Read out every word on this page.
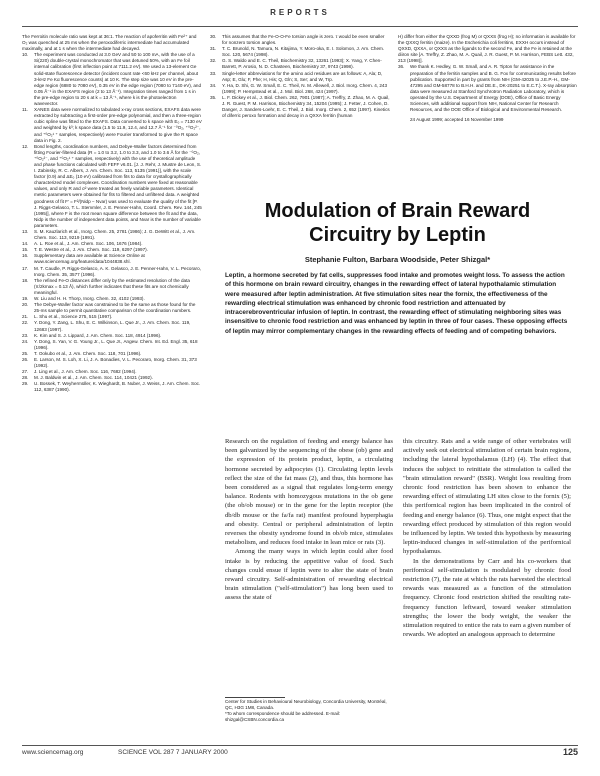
REPORTS

The Ferroitin molecule ratio was kept at 36:1. The reaction of apoferritin with Fe²⁺ and O₂ was quenched at 25 ms when the peroxodiferric intermediate had accumulated maximally, and at 1 s when the intermediate had decayed.

10.	The experiment was conducted at 3.0 GeV and 50 to 100 mA, with the use of a Si(220) double-crystal monochromator that was detuned 50%, with an Fe foil internal calibration (first inflection point at 7111.2 eV). We used a 13-element Ge solid-state fluorescence detector (incident count rate <60 kHz per channel, about 3-kHz Fe Kα fluorescence counts) at 10 K. The step size was 10 eV in the pre-edge region (6880 to 7080 eV), 0.35 eV in the edge region (7080 to 7140 eV), and 0.05 Å⁻¹ in the EXAFS region (2 to 13 Å⁻¹). Integration times ranged from 1 s in the pre-edge region to 20 s at k = 13 Å⁻¹, where k is the photoelectron wavevector.
11.	XANES data were normalized to tabulated x-ray cross sections, EXAFS data were extracted by subtracting a first-order pre-edge polynomial, and then a three-region cubic spline was fitted to the EXAFS. Data converted to k space with E₀ = 7130 eV and weighted by k³; k space data (1.5 to 11.9, 12.4, and 12.7 Å⁻¹ for ⁻⁰O₂, ⁺⁰O₂²⁻, and ⁺⁰O₂¹ ⁺ samples, respectively) were Fourier transformed to give the R space data in Fig. 2.
12.	Bond lengths, coordination numbers, and Debye-Waller factors determined from fitting Fourier-filtered data (R = 1.0 to 3.2, 1.0 to 3.3, and 1.0 to 3.6 Å for the ⁻⁰O₂, ⁺⁰O₂²⁻, and ⁺⁰O₂¹ ⁺ samples, respectively) with the use of theoretical amplitude and phase functions calculated with FEFF v6.01. [J. J. Rehr, J. Mustre de Leon, S. I. Zabinsky, R. C. Albers, J. Am. Chem. Soc. 113, 5135 (1991)], with the scale factor (0.9) and ΔE₀ (10 eV) calibrated from fits to data for crystallographically characterized model complexes. Coordination numbers were fixed at reasonable values, and only R and σ² were treated as freely variable parameters. Identical metric parameters were obtained for fits to filtered and unfiltered data. A weighted goodness of fit F′ = F²/(Nidp − Nvar) was used to evaluate the quality of the fit [P. J. Riggs-Gelasco, T. L. Stemmler, J. E. Penner-Hahn, Coord. Chem. Rev. 144, 245 (1995)], where F is the root mean square difference between the fit and the data, Nidp is the number of independent data points, and Nvar is the number of variable parameters.
13.	S. M. Kauzlarich et al., Inorg. Chem. 25, 2781 (1986); J. G. DeWitt et al., J. Am. Chem. Soc. 113, 9219 (1991).
14.	A. L. Roe et al., J. Am. Chem. Soc. 106, 1676 (1984).
15.	T. E. Westre et al., J. Am. Chem. Soc. 119, 6297 (1997).
16.	Supplementary data are available at Science Online at www.sciencemag.org/feature/data/1044838.shl.
17.	M. T. Caudle, P. Riggs-Gelasco, A. K. Gelasco, J. E. Penner-Hahn, V. L. Pecoraro, Inorg. Chem. 35, 3577 (1996).
18.	The refined Fe-O distances differ only by the estimated resolution of the data (π/2kmax = 0.13 Å), which further indicates that these fits are not chemically meaningful.
19.	W. Liu and H. H. Thorp, Inorg. Chem. 32, 4102 (1993).
20.	The Debye-Waller factor was constrained to be the same as those found for the 25-ms sample to permit quantitative comparison of the coordination numbers.
21.	L. Shu et al., Science 275, 515 (1997).
22.	Y. Dong, Y. Zang, L. Shu, E. C. Wilkinson, L. Que Jr., J. Am. Chem. Soc. 119, 12683 (1997).
23.	K. Kim and S. J. Lippard, J. Am. Chem. Soc. 118, 4914 (1996).
24.	Y. Dong, S. Yan, V. G. Young Jr., L. Que Jr., Angew. Chem. Int. Ed. Engl. 35, 618 (1996).
25.	T. Ookubo et al., J. Am. Chem. Soc. 118, 701 (1996).
26.	E. Larson, M. S. Loh, X. Li, J. A. Bonadies, V. L. Pecoraro, Inorg. Chem. 31, 373 (1992).
27.	J. Ling et al., J. Am. Chem. Soc. 116, 7682 (1994).
28.	M. J. Baldwin et al., J. Am. Chem. Soc. 114, 10421 (1992).
29.	U. Bossek, T. Weyhermüller, K. Wieghardt, B. Nuber, J. Weiss, J. Am. Chem. Soc. 112, 6387 (1990).
30.	This assumes that the Fe-O-O-Fe torsion angle is zero. τ would be even smaller for nonzero torsion angles.
31.	T. C. Brunold, N. Tamura, N. Kitajima, Y. Moro-oka, E. I. Solomon, J. Am. Chem. Soc. 120, 5674 (1998).
32.	G. S. Waldo and E. C. Theil, Biochemistry 32, 13261 (1993); X. Yang, Y. Chen-Barrett, P. Arosio, N. D. Chasteen, Biochemistry 37, 9743 (1998).
33.	Single-letter abbreviations for the amino acid residues are as follows: A, Ala; D, Asp; E, Glu; F, Phe; H, His; Q, Gln; S, Ser; and W, Trp.
34.	Y. Ha, D. Shi, G. W. Small, E. C. Theil, N. M. Allewell, J. Biol. Inorg. Chem. 4, 243 (1999); P. Hempstead et al., J. Mol. Biol. 268, 424 (1997).
35.	L. F. Dickey et al., J. Biol. Chem. 262, 7901 (1987); A. Treffry, Z. Zhao, M. A. Quail, J. R. Guest, P. M. Harrison, Biochemistry 34, 15204 (1995); J. Fetter, J. Cohen, D. Danger, J. Sanders-Loehr, E. C. Theil, J. Biol. Inorg. Chem. 2, 652 (1997). Kinetics of diferric peroxo formation and decay in a QXXA ferritin (human

H) differ from either the QXXD (frog M) or QXXS (frog H); no information is available for the QXXQ ferritin (maize). In the Escherichia coli ferritins, EXXH occurs instead of QXXD, QXXA, or QXXS as the ligands to the second Fe, and the Fe is retained at the diiron site [A. Treffry, Z. Zhao, M. A. Quail, J. R. Guest, P. M. Harrison, FEBS Lett. 432, 213 (1998)].

36.	We thank K. Hedley, G. W. Small, and A. R. Tipton for assistance in the preparation of the ferritin samples and B. G. Fox for communicating results before publication. Supported in part by grants from NIH (GM-42025 to J.E.P.-H., GM-47295 and GM-58778 to B.H.H. and DE.E., DK-20251 to E.C.T.). X-ray absorption data were measured at Stanford Synchrotron Radiation Laboratory, which is operated by the U.S. Department of Energy (DOE), Office of Basic Energy Sciences, with additional support from NIH, National Center for Research Resources, and the DOE Office of Biological and Environmental Research.

24 August 1999; accepted 16 November 1999

Modulation of Brain Reward Circuitry by Leptin

Stephanie Fulton, Barbara Woodside, Peter Shizgal*

Leptin, a hormone secreted by fat cells, suppresses food intake and promotes weight loss. To assess the action of this hormone on brain reward circuitry, changes in the rewarding effect of lateral hypothalamic stimulation were measured after leptin administration. At five stimulation sites near the fornix, the effectiveness of the rewarding electrical stimulation was enhanced by chronic food restriction and attenuated by intracerebroventricular infusion of leptin. In contrast, the rewarding effect of stimulating neighboring sites was insensitive to chronic food restriction and was enhanced by leptin in three of four cases. These opposing effects of leptin may mirror complementary changes in the rewarding effects of feeding and of competing behaviors.

Research on the regulation of feeding and energy balance has been galvanized by the sequencing of the obese (ob) gene and the expression of its protein product, leptin, a circulating hormone secreted by adipocytes (1). Circulating leptin levels reflect the size of the fat mass (2), and thus, this hormone has been considered as a signal that regulates long-term energy balance. Rodents with homozygous mutations in the ob gene (the ob/ob mouse) or in the gene for the leptin receptor (the db/db mouse or the fa/fa rat) manifest profound hyperphagia and obesity. Central or peripheral administration of leptin reverses the obesity syndrome found in ob/ob mice, stimulates metabolism, and reduces food intake in lean mice or rats (3).

Among the many ways in which leptin could alter food intake is by reducing the appetitive value of food. Such changes could ensue if leptin were to alter the state of brain reward circuitry. Self-administration of rewarding electrical brain stimulation ("self-stimulation") has long been used to assess the state of

this circuitry. Rats and a wide range of other vertebrates will actively seek out electrical stimulation of certain brain regions, including the lateral hypothalamus (LH) (4). The effect that induces the subject to reinitiate the stimulation is called the "brain stimulation reward" (BSR). Weight loss resulting from chronic food restriction has been shown to enhance the rewarding effect of stimulating LH sites close to the fornix (5); this perifornical region has been implicated in the control of feeding and energy balance (6). Thus, one might expect that the rewarding effect produced by stimulation of this region would be influenced by leptin. We tested this hypothesis by measuring leptin-induced changes in self-stimulation of the perifornical hypothalamus.

In the demonstrations by Carr and his co-workers that perifornical self-stimulation is modulated by chronic food restriction (7), the rate at which the rats harvested the electrical rewards was measured as a function of the stimulation frequency. Chronic food restriction shifted the resulting rate-frequency function leftward, toward weaker stimulation strengths; the lower the body weight, the weaker the stimulation required to entice the rats to earn a given number of rewards. We adopted an analogous approach to determine

Center for Studies in Behavioural Neurobiology, Concordia University, Montréal, QC, H3G 1M8, Canada.

*To whom correspondence should be addressed. E-mail: shizgal@CSBN.concordia.ca

www.sciencemag.org	SCIENCE VOL 287 7 JANUARY 2000	125
